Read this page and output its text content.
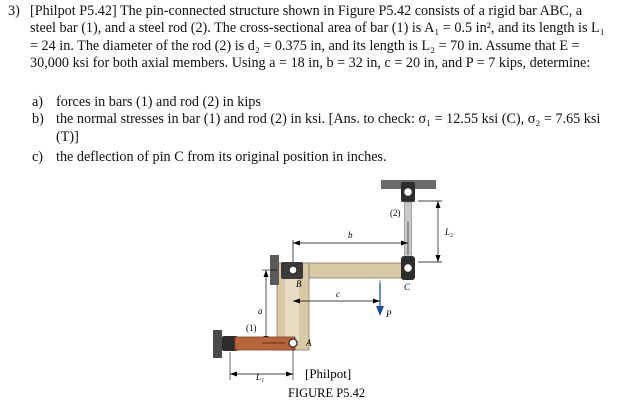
3) [Philpot P5.42] The pin-connected structure shown in Figure P5.42 consists of a rigid bar ABC, a
steel bar (1), and a steel rod (2). The cross-sectional area of bar (1) is A₁ = 0.5 in², and its length is L₁
= 24 in. The diameter of the rod (2) is d₂ = 0.375 in, and its length is L₂ = 70 in. Assume that E =
30,000 ksi for both axial members. Using a = 18 in, b = 32 in, c = 20 in, and P = 7 kips, determine:
a) forces in bars (1) and rod (2) in kips
b) the normal stresses in bar (1) and rod (2) in ksi. [Ans. to check: σ₁ = 12.55 ksi (C), σ₂ = 7.65 ksi
(T)]
c) the deflection of pin C from its original position in inches.
(2)
L₂
b
B
c
C
a	P
(1)
A
L₁	[Philpot]
FIGURE P5.42
